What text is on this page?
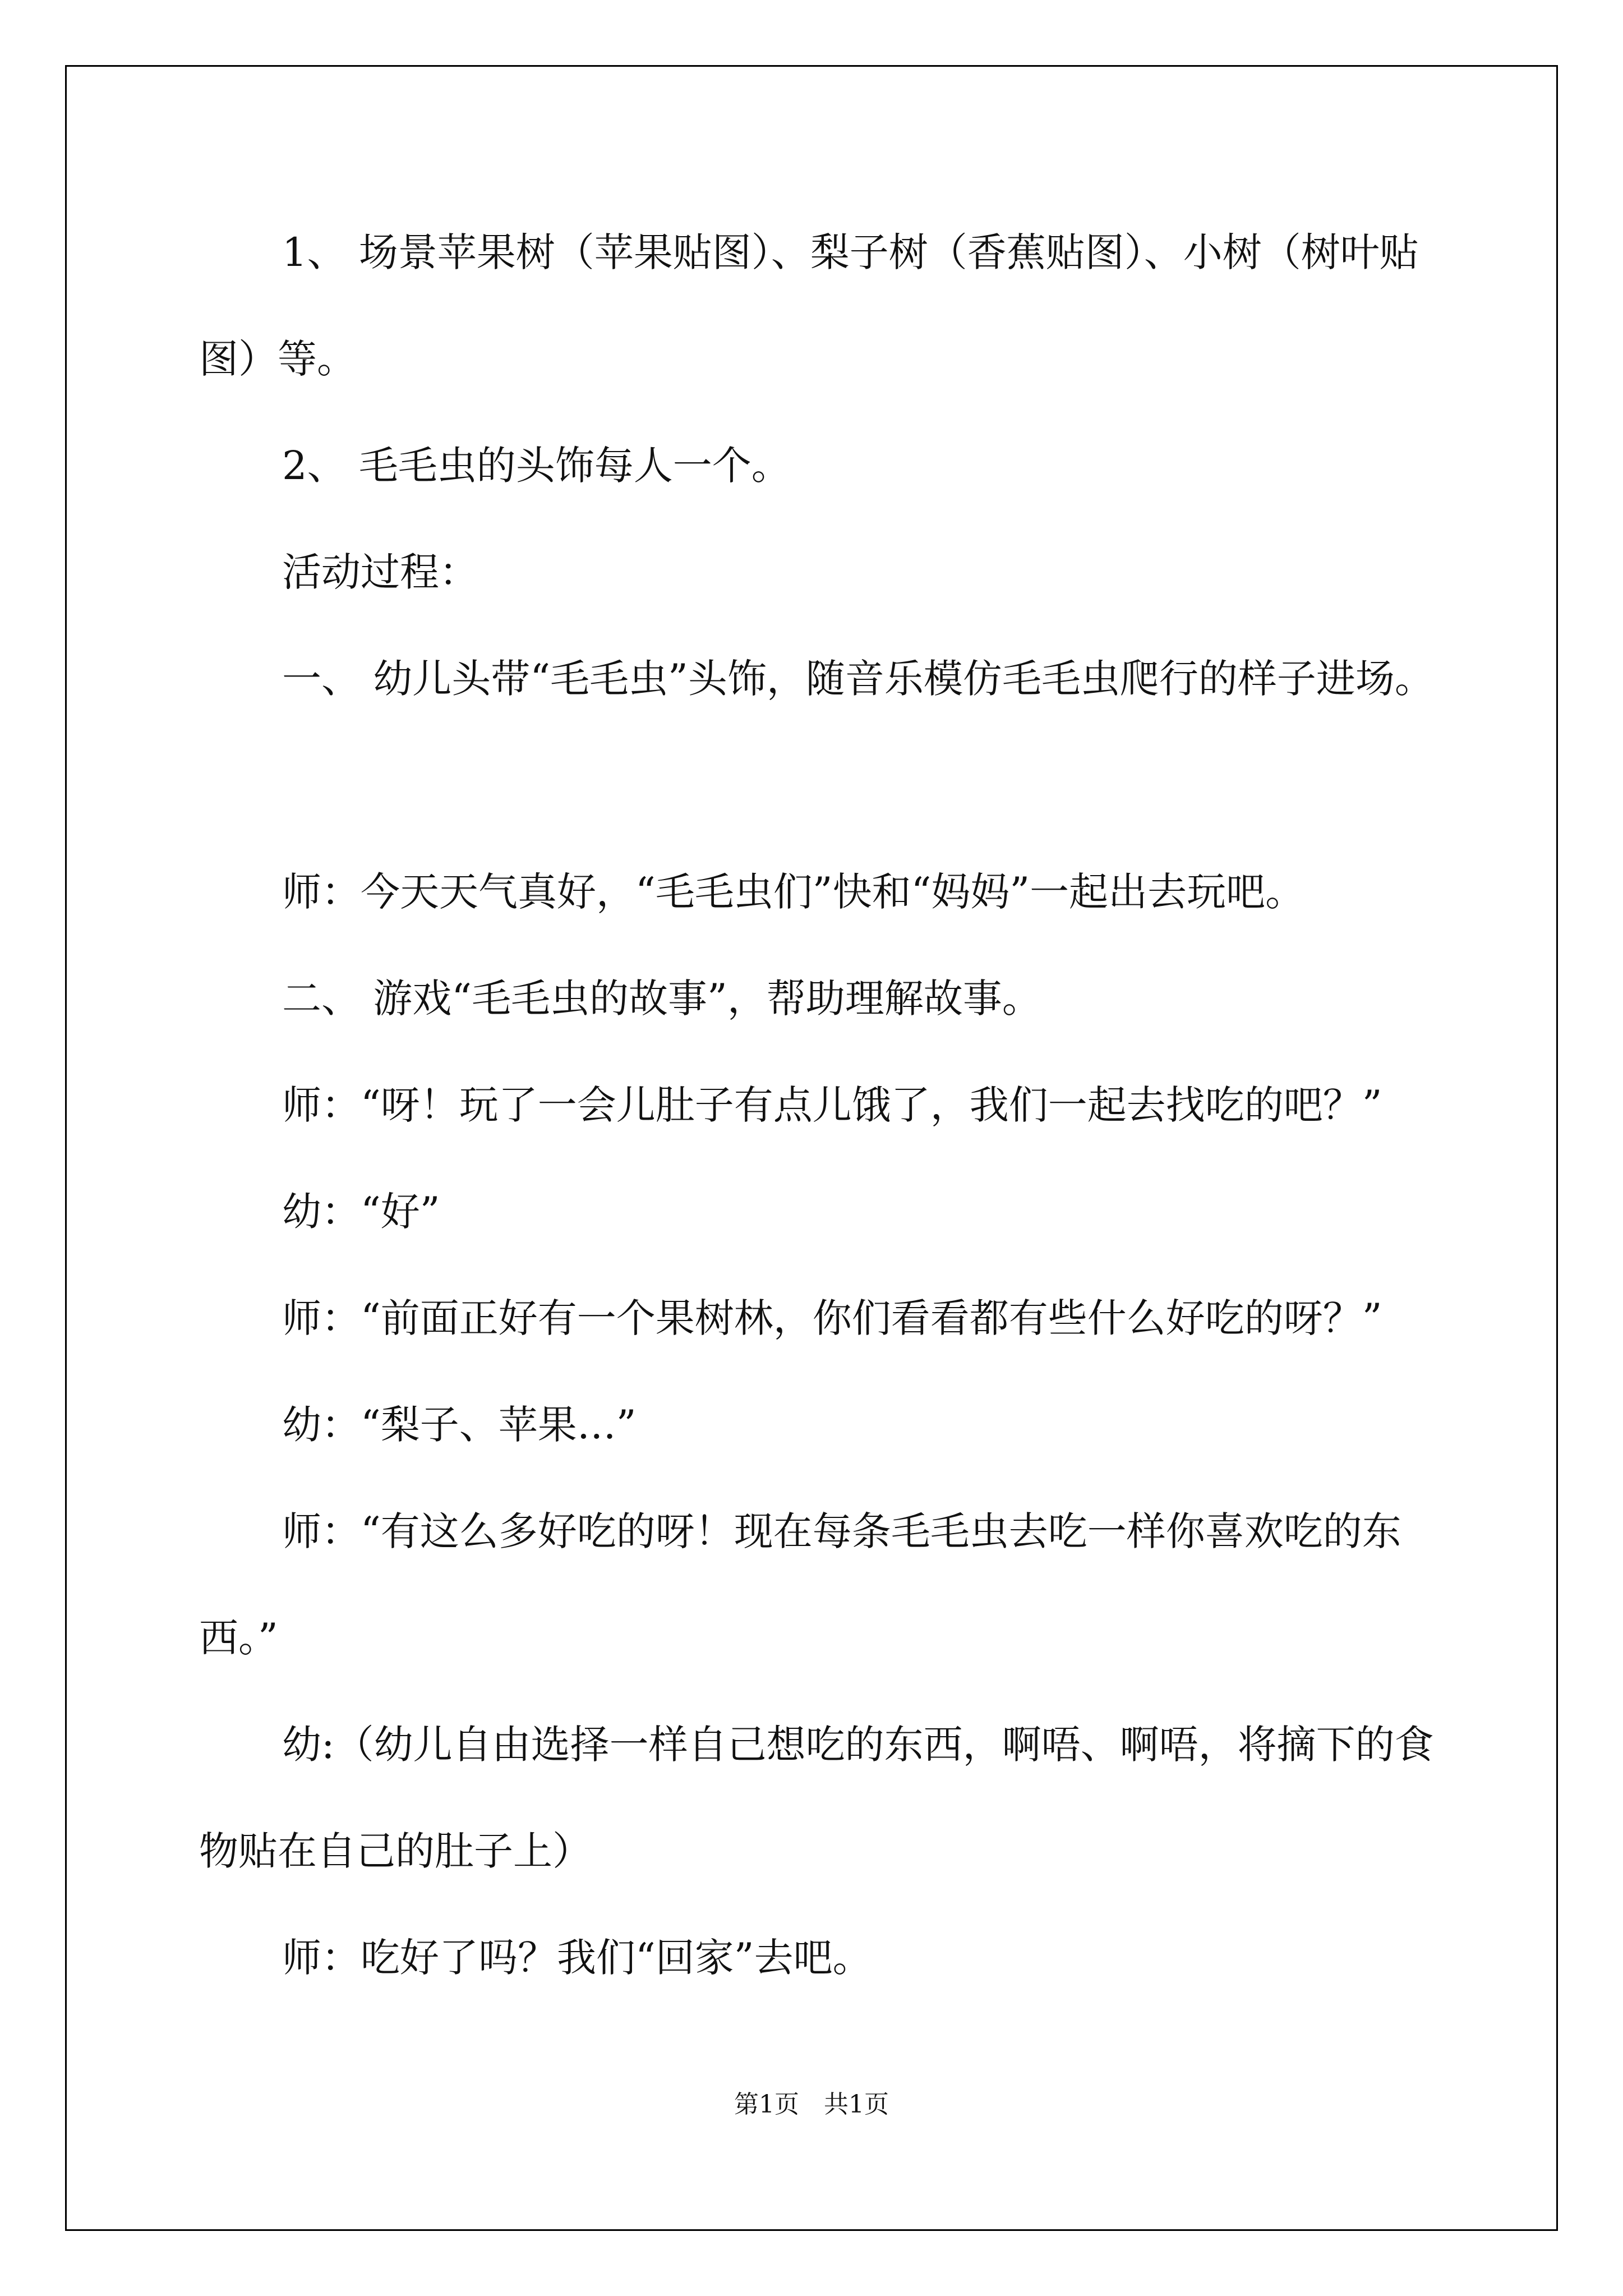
1、 场景苹果树（苹果贴图）、梨子树（香蕉贴图）、小树（树叶贴图）等。
2、 毛毛虫的头饰每人一个。
活动过程：
一、 幼儿头带“毛毛虫”头饰，随音乐模仿毛毛虫爬行的样子进场。
师：今天天气真好，“毛毛虫们”快和“妈妈”一起出去玩吧。
二、 游戏“毛毛虫的故事”，帮助理解故事。
师：“呀！玩了一会儿肚子有点儿饿了，我们一起去找吃的吧？”
幼：“好”
师：“前面正好有一个果树林，你们看看都有些什么好吃的呀？”
幼：“梨子、苹果…”
师：“有这么多好吃的呀！现在每条毛毛虫去吃一样你喜欢吃的东西。”
幼:（幼儿自由选择一样自己想吃的东西，啊唔、啊唔，将摘下的食物贴在自己的肚子上）
师：吃好了吗？我们“回家”去吧。
第1页　共1页
